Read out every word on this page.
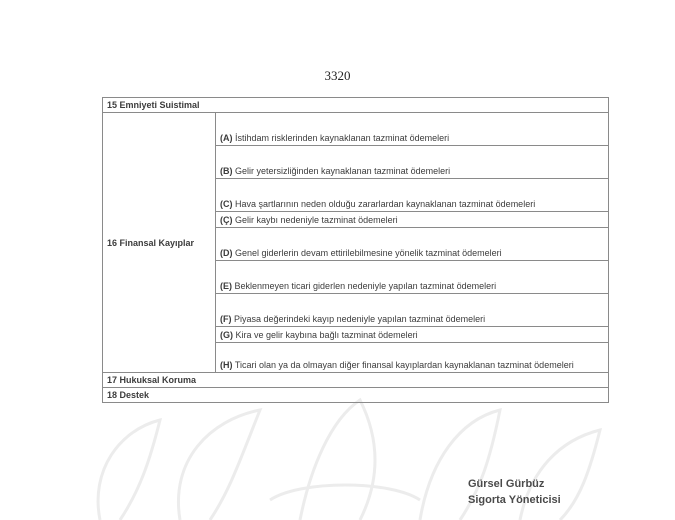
3320
15 Emniyeti Suistimal
16 Finansal Kayıplar	(A) İstihdam risklerinden kaynaklanan tazminat ödemeleri
(B) Gelir yetersizliğinden kaynaklanan tazminat ödemeleri
(C) Hava şartlarının neden olduğu zararlardan kaynaklanan tazminat ödemeleri
(Ç) Gelir kaybı nedeniyle tazminat ödemeleri
(D) Genel giderlerin devam ettirilebilmesine yönelik tazminat ödemeleri
(E) Beklenmeyen ticari giderlen nedeniyle yapılan tazminat ödemeleri
(F) Piyasa değerindeki kayıp nedeniyle yapılan tazminat ödemeleri
(G) Kira ve gelir kaybına bağlı tazminat ödemeleri
(H) Ticari olan ya da olmayan diğer finansal kayıplardan kaynaklanan tazminat ödemeleri
17 Hukuksal Koruma
18 Destek
Gürsel Gürbüz
Sigorta Yöneticisi
